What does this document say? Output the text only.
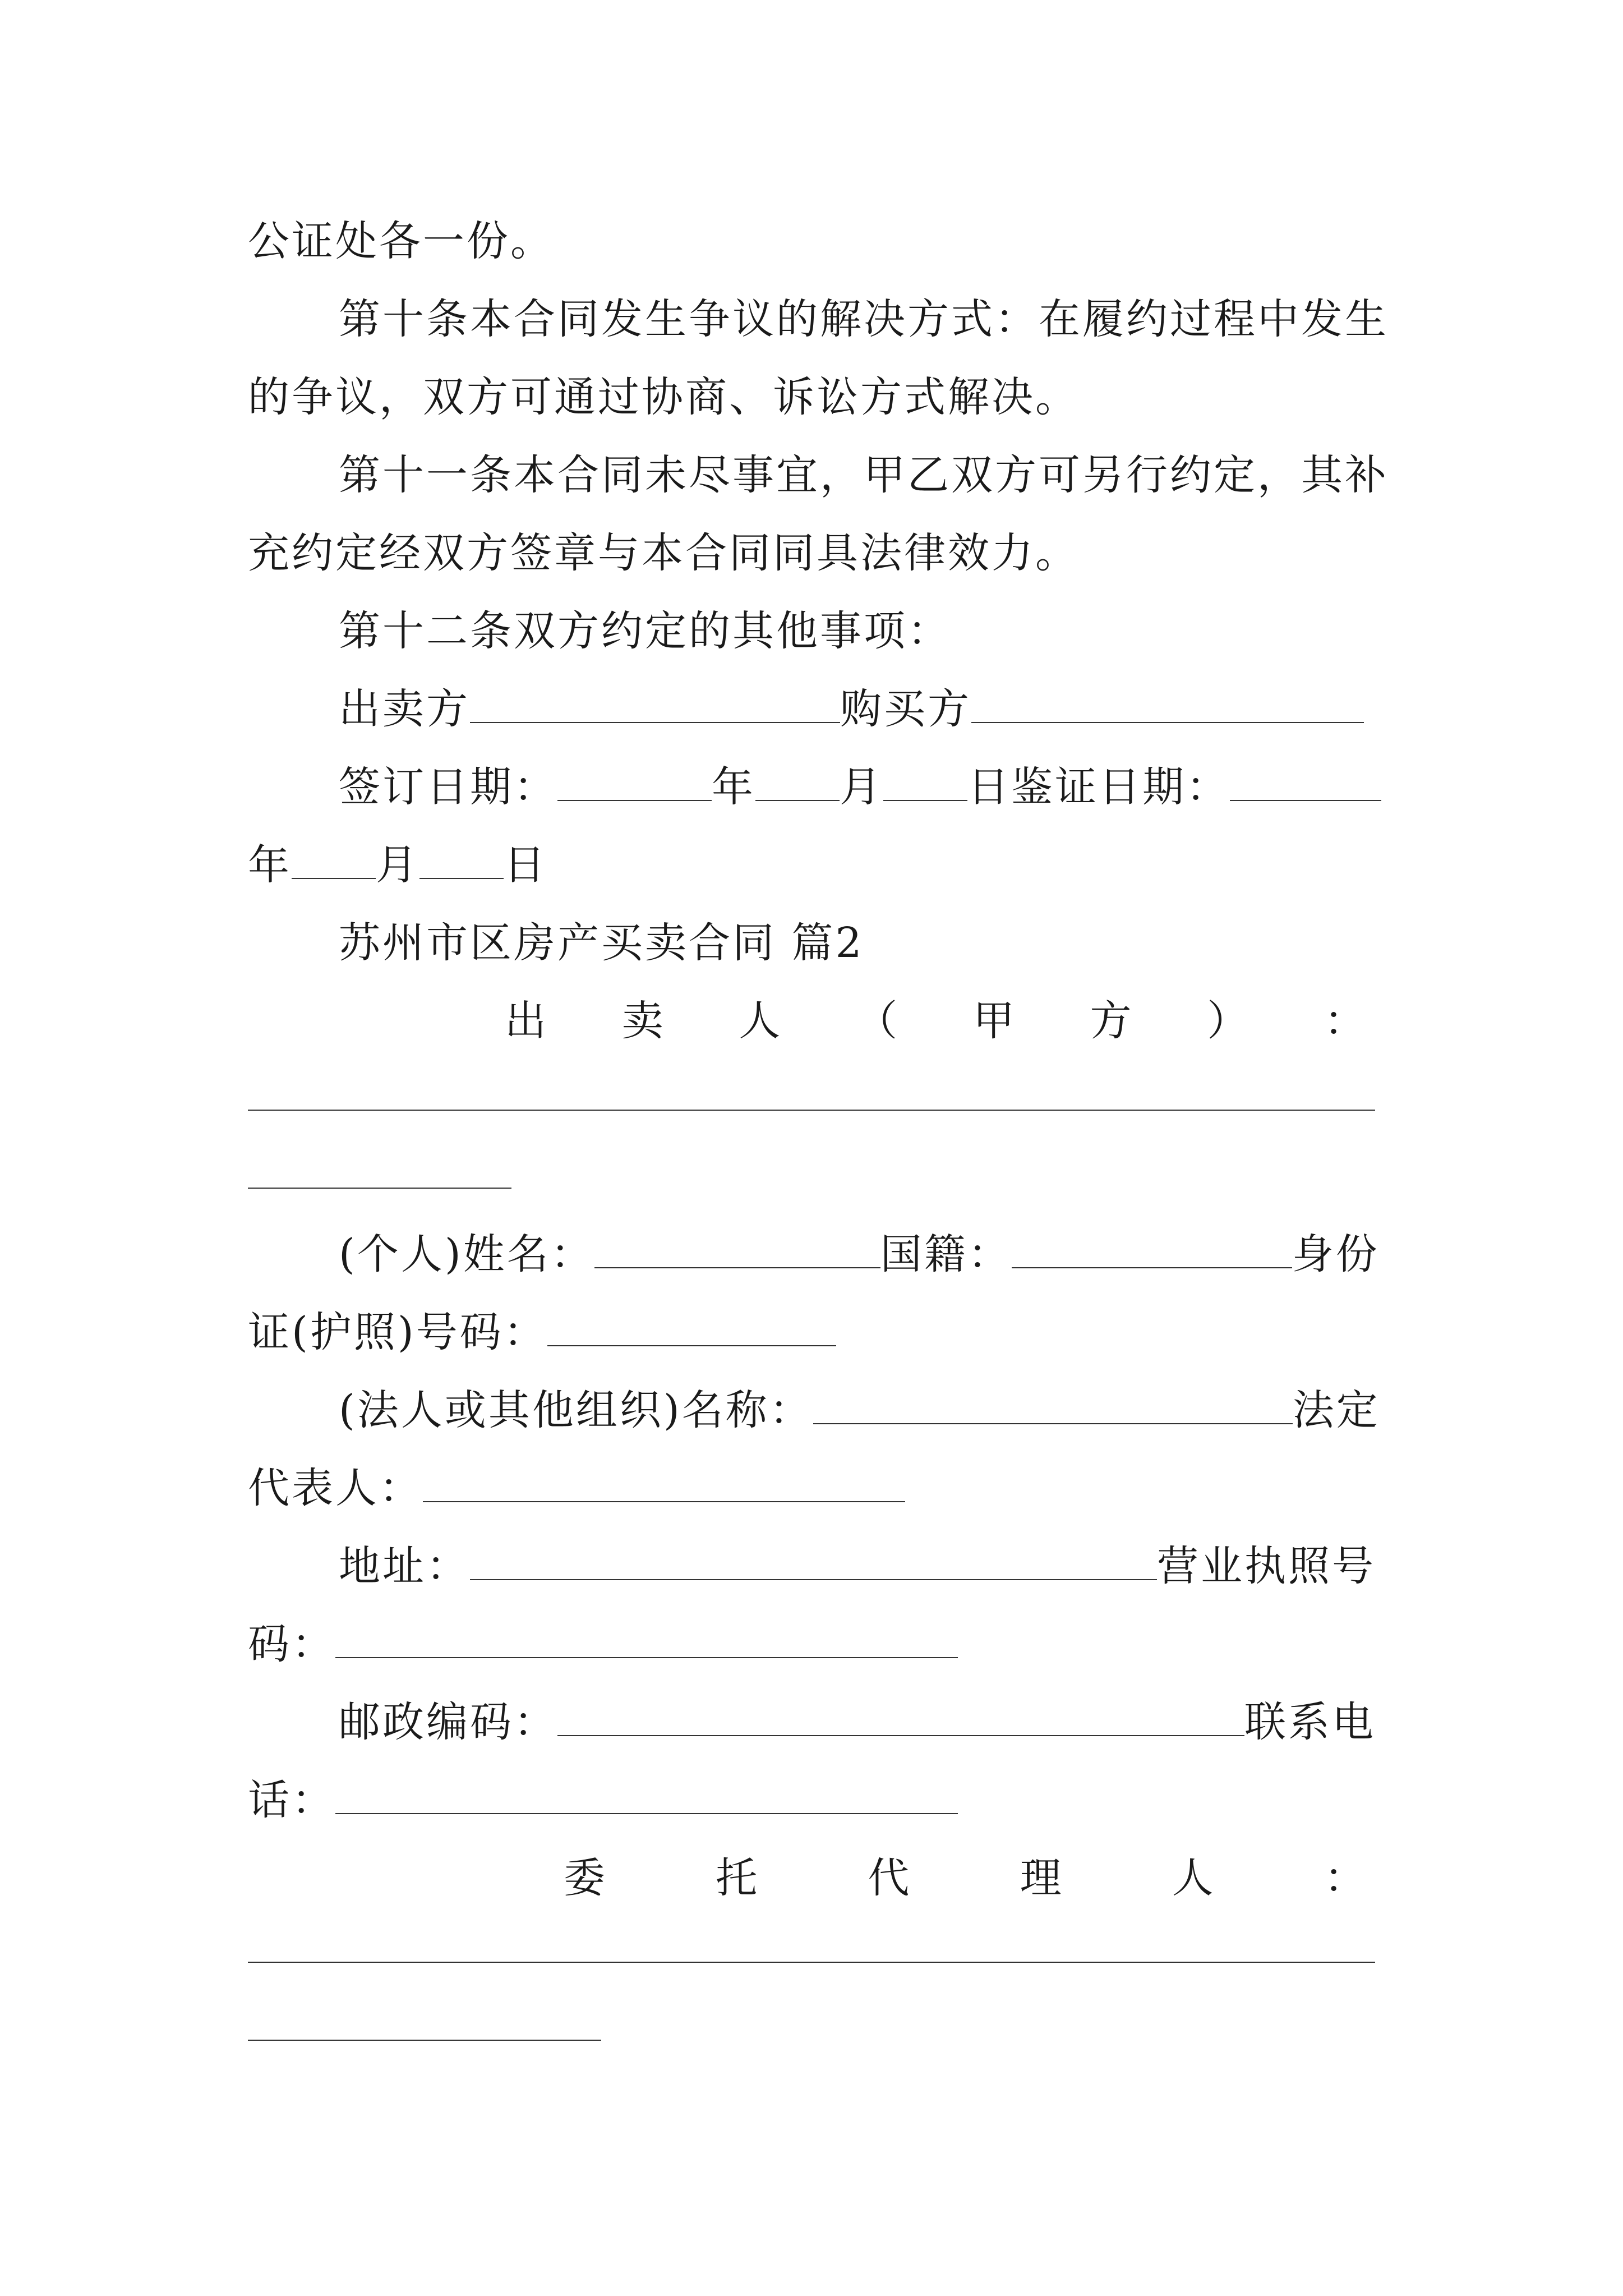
公证处各一份。
第十条本合同发生争议的解决方式：在履约过程中发生
的争议，双方可通过协商、诉讼方式解决。
第十一条本合同未尽事宜，甲乙双方可另行约定，其补
充约定经双方签章与本合同同具法律效力。
第十二条双方约定的其他事项：
出卖方	购买方
签订日期：	年 月 日鉴证日期：
年 月 日
苏州市区房产买卖合同 篇2
出 卖 人 （ 甲 方 ） ：
(个人)姓名：	国籍：	身份
证(护照)号码：
(法人或其他组织)名称：	法定
代表人：
地址：	营业执照号
码：
邮政编码：	联系电
话：
委	托	代	理	人	：
